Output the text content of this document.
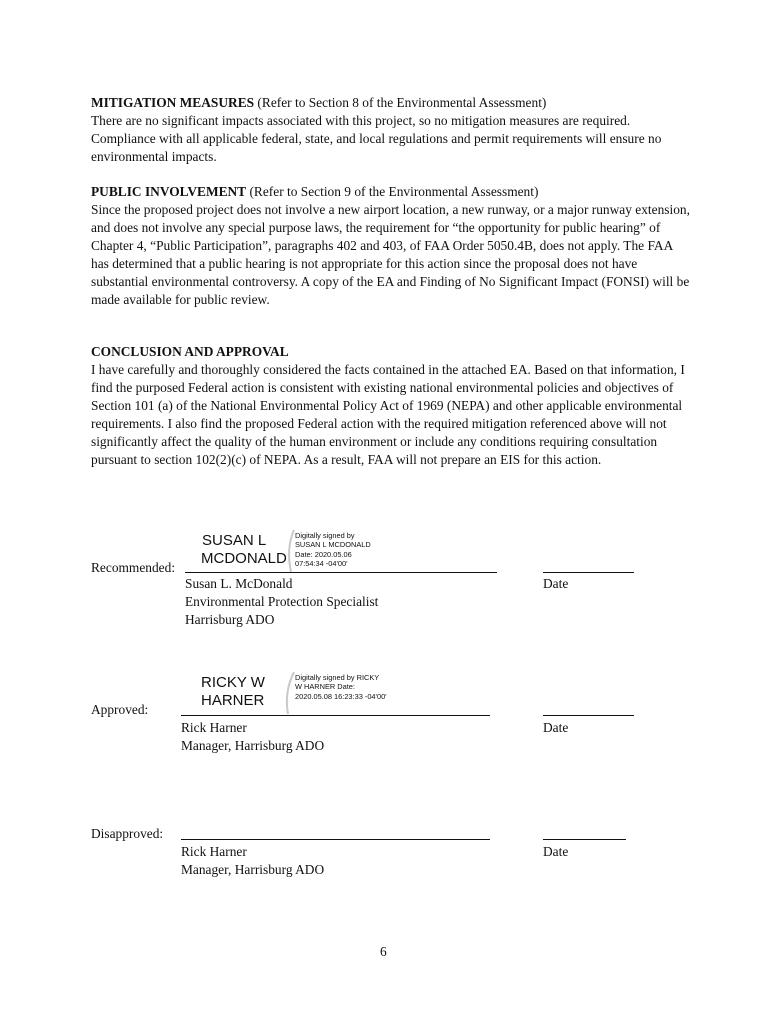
MITIGATION MEASURES (Refer to Section 8 of the Environmental Assessment)
There are no significant impacts associated with this project, so no mitigation measures are required. Compliance with all applicable federal, state, and local regulations and permit requirements will ensure no environmental impacts.
PUBLIC INVOLVEMENT (Refer to Section 9 of the Environmental Assessment)
Since the proposed project does not involve a new airport location, a new runway, or a major runway extension, and does not involve any special purpose laws, the requirement for “the opportunity for public hearing” of Chapter 4, “Public Participation”, paragraphs 402 and 403, of FAA Order 5050.4B, does not apply. The FAA has determined that a public hearing is not appropriate for this action since the proposal does not have substantial environmental controversy. A copy of the EA and Finding of No Significant Impact (FONSI) will be made available for public review.
CONCLUSION AND APPROVAL
I have carefully and thoroughly considered the facts contained in the attached EA. Based on that information, I find the purposed Federal action is consistent with existing national environmental policies and objectives of Section 101 (a) of the National Environmental Policy Act of 1969 (NEPA) and other applicable environmental requirements. I also find the proposed Federal action with the required mitigation referenced above will not significantly affect the quality of the human environment or include any conditions requiring consultation pursuant to section 102(2)(c) of NEPA. As a result, FAA will not prepare an EIS for this action.
SUSAN L
MCDONALD
Digitally signed by SUSAN L MCDONALD Date: 2020.05.06 07:54:34 -04'00'
Recommended:
Susan L. McDonald	Date
Environmental Protection Specialist
Harrisburg ADO
RICKY W
HARNER
Digitally signed by RICKY W HARNER Date: 2020.05.08 16:23:33 -04'00'
Approved:
Rick Harner	Date
Manager, Harrisburg ADO
Disapproved:
Rick Harner	Date
Manager, Harrisburg ADO
6
